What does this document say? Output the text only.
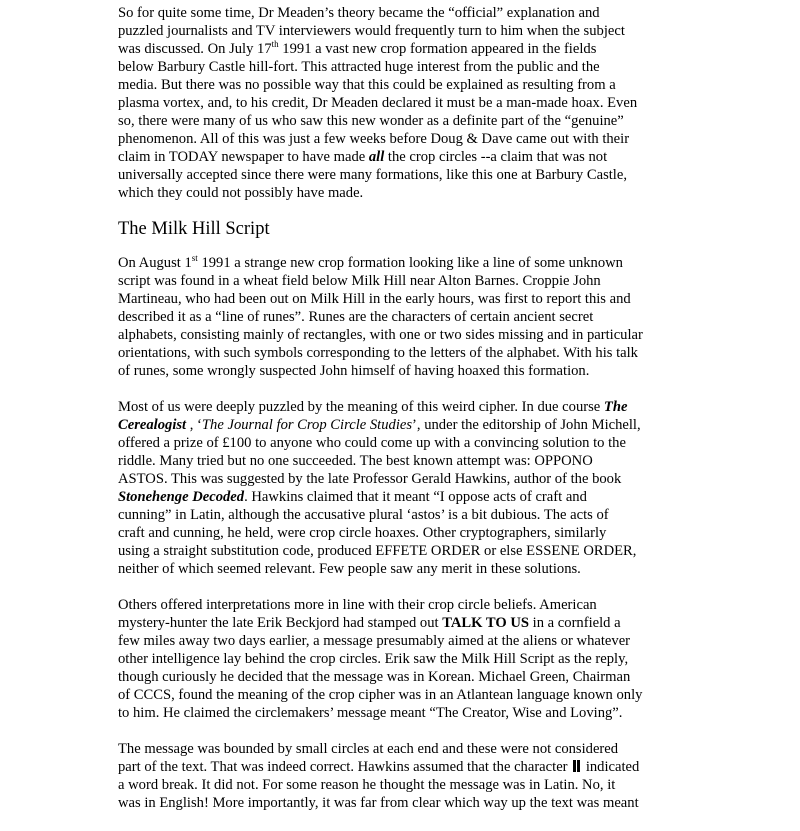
So for quite some time, Dr Meaden’s theory became the “official” explanation and

puzzled journalists and TV interviewers would frequently turn to him when the subject

was discussed. On July 17th 1991 a vast new crop formation appeared in the fields

below Barbury Castle hill-fort. This attracted huge interest from the public and the

media. But there was no possible way that this could be explained as resulting from a

plasma vortex, and, to his credit, Dr Meaden declared it must be a man-made hoax. Even

so, there were many of us who saw this new wonder as a definite part of the “genuine”

phenomenon. All of this was just a few weeks before Doug & Dave came out with their

claim in TODAY newspaper to have made all the crop circles --a claim that was not

universally accepted since there were many formations, like this one at Barbury Castle,

which they could not possibly have made.

The Milk Hill Script

On August 1st 1991 a strange new crop formation looking like a line of some unknown

script was found in a wheat field below Milk Hill near Alton Barnes. Croppie John

Martineau, who had been out on Milk Hill in the early hours, was first to report this and

described it as a “line of runes”. Runes are the characters of certain ancient secret

alphabets, consisting mainly of rectangles, with one or two sides missing and in particular

orientations, with such symbols corresponding to the letters of the alphabet. With his talk

of runes, some wrongly suspected John himself of having hoaxed this formation.

Most of us were deeply puzzled by the meaning of this weird cipher. In due course The

Cerealogist , ‘The Journal for Crop Circle Studies’, under the editorship of John Michell,

offered a prize of £100 to anyone who could come up with a convincing solution to the

riddle. Many tried but no one succeeded. The best known attempt was: OPPONO

ASTOS. This was suggested by the late Professor Gerald Hawkins, author of the book

Stonehenge Decoded. Hawkins claimed that it meant “I oppose acts of craft and

cunning” in Latin, although the accusative plural ‘astos’ is a bit dubious. The acts of

craft and cunning, he held, were crop circle hoaxes. Other cryptographers, similarly

using a straight substitution code, produced EFFETE ORDER or else ESSENE ORDER,

neither of which seemed relevant. Few people saw any merit in these solutions.

Others offered interpretations more in line with their crop circle beliefs. American

mystery-hunter the late Erik Beckjord had stamped out TALK TO US in a cornfield a

few miles away two days earlier, a message presumably aimed at the aliens or whatever

other intelligence lay behind the crop circles. Erik saw the Milk Hill Script as the reply,

though curiously he decided that the message was in Korean. Michael Green, Chairman

of CCCS, found the meaning of the crop cipher was in an Atlantean language known only

to him. He claimed the circlemakers’ message meant “The Creator, Wise and Loving”.

The message was bounded by small circles at each end and these were not considered

part of the text. That was indeed correct. Hawkins assumed that the character  indicated

a word break. It did not. For some reason he thought the message was in Latin. No, it

was in English! More importantly, it was far from clear which way up the text was meant
